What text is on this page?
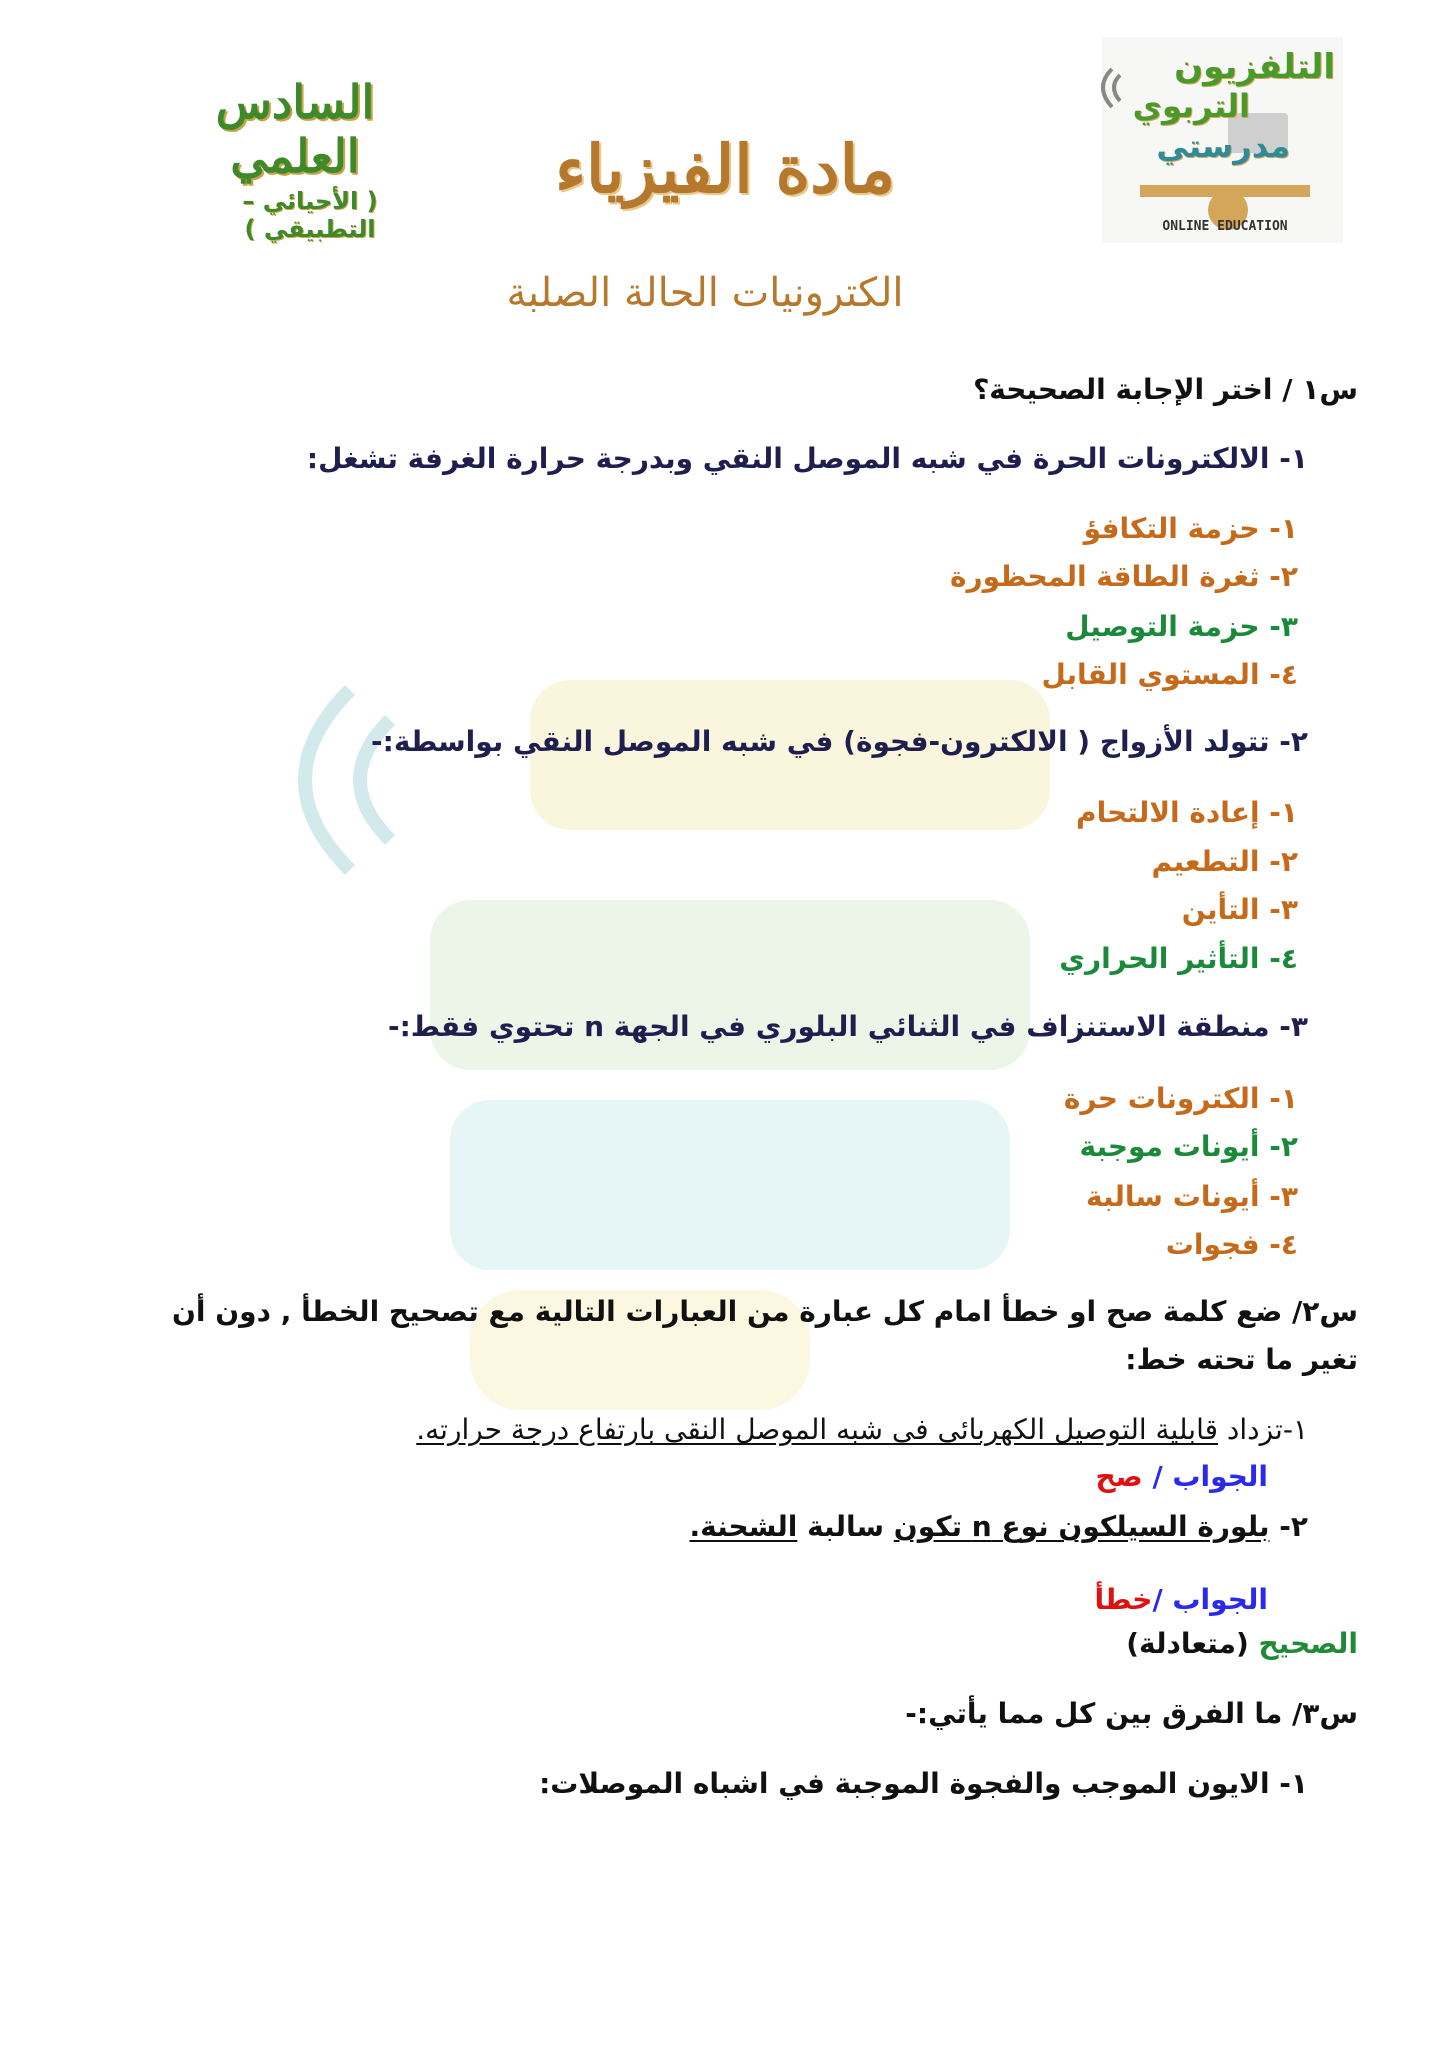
السادس العلمي
( الأحيائي – التطبيقي )
مادة الفيزياء
الكترونيات الحالة الصلبة
التلفزيون
التربوي
مدرستي
ONLINE EDUCATION
س١ / اختر الإجابة الصحيحة؟
١- الالكترونات الحرة في شبه الموصل النقي وبدرجة حرارة الغرفة تشغل:
١- حزمة التكافؤ
٢- ثغرة الطاقة المحظورة
٣- حزمة التوصيل
٤- المستوي القابل
٢- تتولد الأزواج ( الالكترون-فجوة) في شبه الموصل النقي بواسطة:-
١- إعادة الالتحام
٢- التطعيم
٣- التأين
٤- التأثير الحراري
٣- منطقة الاستنزاف في الثنائي البلوري في الجهة n تحتوي فقط:-
١- الكترونات حرة
٢- أيونات موجبة
٣- أيونات سالبة
٤- فجوات
س٢/ ضع كلمة صح او خطأ امام كل عبارة من العبارات التالية مع تصحيح الخطأ , دون أن
تغير ما تحته خط:
١-تزداد قابلية التوصيل الكهربائى فى شبه الموصل النقى بارتفاع درجة حرارته.
الجواب / صح
٢- بلورة السيلكون نوع n تكون سالبة الشحنة.
الجواب /خطأ
الصحيح (متعادلة)
س٣/ ما الفرق بين كل مما يأتي:-
١- الايون الموجب والفجوة الموجبة في اشباه الموصلات:
